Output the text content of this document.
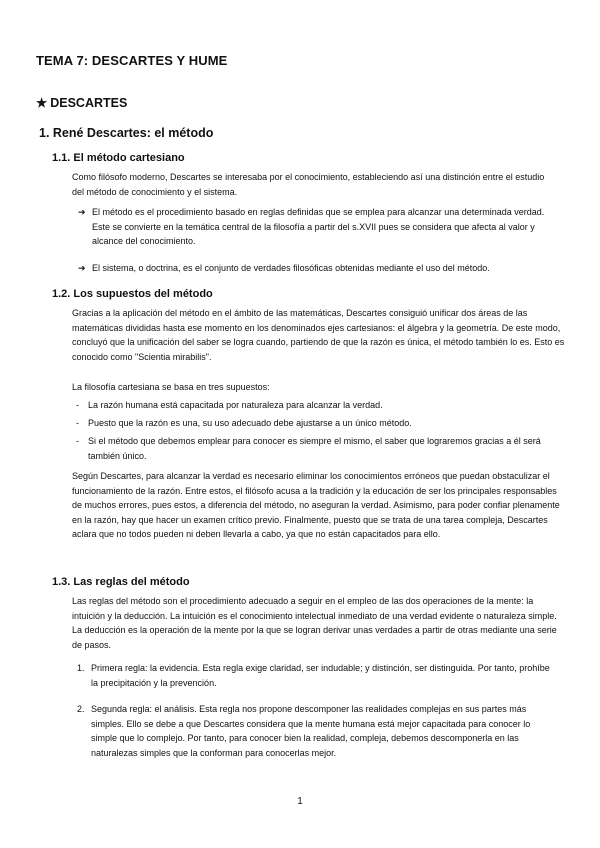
TEMA 7: DESCARTES Y HUME
★ DESCARTES
1. René Descartes: el método
1.1. El método cartesiano

Como filósofo moderno, Descartes se interesaba por el conocimiento, estableciendo así una distinción entre el estudio del método de conocimiento y el sistema.

➔ El método es el procedimiento basado en reglas definidas que se emplea para alcanzar una determinada verdad. Este se convierte en la temática central de la filosofía a partir del s.XVII pues se considera que afecta al valor y alcance del conocimiento.
➔ El sistema, o doctrina, es el conjunto de verdades filosóficas obtenidas mediante el uso del método.
1.2. Los supuestos del método

Gracias a la aplicación del método en el ámbito de las matemáticas, Descartes consiguió unificar dos áreas de las matemáticas divididas hasta ese momento en los denominados ejes cartesianos: el álgebra y la geometría. De este modo, concluyó que la unificación del saber se logra cuando, partiendo de que la razón es única, el método también lo es. Esto es conocido como "Scientia mirabilis".

La filosofía cartesiana se basa en tres supuestos:

-	La razón humana está capacitada por naturaleza para alcanzar la verdad.
-	Puesto que la razón es una, su uso adecuado debe ajustarse a un único método.
-	Si el método que debemos emplear para conocer es siempre el mismo, el saber que lograremos gracias a él será también único.

Según Descartes, para alcanzar la verdad es necesario eliminar los conocimientos erróneos que puedan obstaculizar el funcionamiento de la razón. Entre estos, el filósofo acusa a la tradición y la educación de ser los principales responsables de muchos errores, pues estos, a diferencia del método, no aseguran la verdad. Asimismo, para poder confiar plenamente en la razón, hay que hacer un examen crítico previo. Finalmente, puesto que se trata de una tarea compleja, Descartes aclara que no todos pueden ni deben llevarla a cabo, ya que no están capacitados para ello.

1.3. Las reglas del método

Las reglas del método son el procedimiento adecuado a seguir en el empleo de las dos operaciones de la mente: la intuición y la deducción. La intuición es el conocimiento intelectual inmediato de una verdad evidente o naturaleza simple. La deducción es la operación de la mente por la que se logran derivar unas verdades a partir de otras mediante una serie de pasos.

1. Primera regla: la evidencia. Esta regla exige claridad, ser indudable; y distinción, ser distinguida. Por tanto, prohíbe la precipitación y la prevención.
2. Segunda regla: el análisis. Esta regla nos propone descomponer las realidades complejas en sus partes más simples. Ello se debe a que Descartes considera que la mente humana está mejor capacitada para conocer lo simple que lo complejo. Por tanto, para conocer bien la realidad, compleja, debemos descomponerla en las naturalezas simples que la conforman para conocerlas mejor.
1
